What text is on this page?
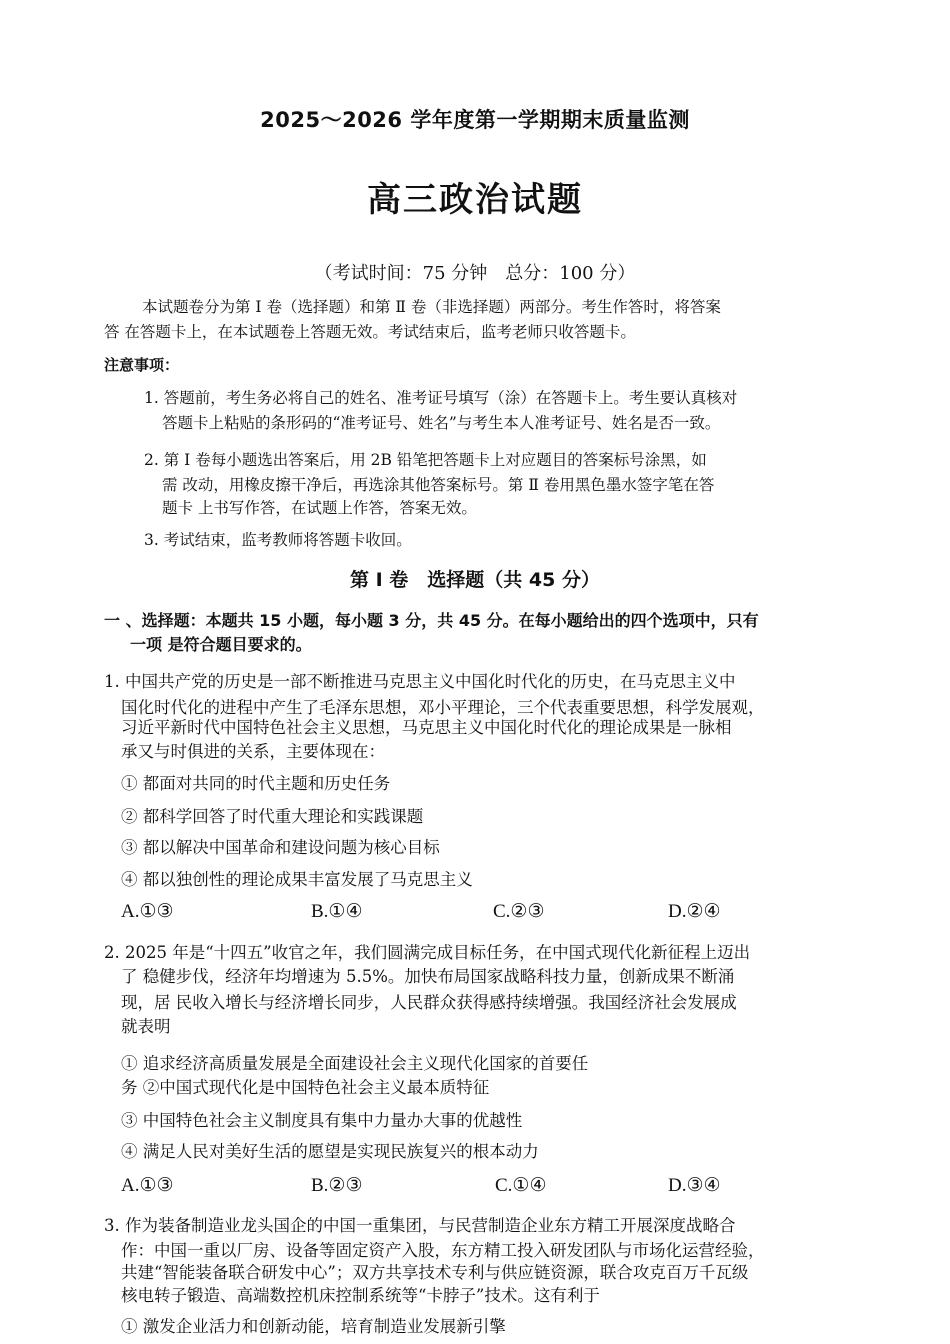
2025～2026 学年度第一学期期末质量监测
高三政治试题
（考试时间：75 分钟　总分：100 分）
本试题卷分为第 Ⅰ 卷（选择题）和第 Ⅱ 卷（非选择题）两部分。考生作答时，将答案
答 在答题卡上，在本试题卷上答题无效。考试结束后，监考老师只收答题卡。
注意事项：
1. 答题前，考生务必将自己的姓名、准考证号填写（涂）在答题卡上。考生要认真核对
答题卡上粘贴的条形码的“准考证号、姓名”与考生本人准考证号、姓名是否一致。
2. 第 Ⅰ 卷每小题选出答案后，用 2B 铅笔把答题卡上对应题目的答案标号涂黑，如
需 改动，用橡皮擦干净后，再选涂其他答案标号。第 Ⅱ 卷用黑色墨水签字笔在答
题卡 上书写作答，在试题上作答，答案无效。
3. 考试结束，监考教师将答题卡收回。
第 Ⅰ 卷　选择题（共 45 分）
一 、选择题：本题共 15 小题，每小题 3 分，共 45 分。在每小题给出的四个选项中，只有
一项 是符合题目要求的。
1. 中国共产党的历史是一部不断推进马克思主义中国化时代化的历史，在马克思主义中
国化时代化的进程中产生了毛泽东思想，邓小平理论，三个代表重要思想，科学发展观，
习近平新时代中国特色社会主义思想，马克思主义中国化时代化的理论成果是一脉相
承又与时俱进的关系，主要体现在：
① 都面对共同的时代主题和历史任务
② 都科学回答了时代重大理论和实践课题
③ 都以解决中国革命和建设问题为核心目标
④ 都以独创性的理论成果丰富发展了马克思主义
A.①③	B.①④	C.②③	D.②④
2. 2025 年是“十四五”收官之年，我们圆满完成目标任务，在中国式现代化新征程上迈出
了 稳健步伐，经济年均增速为 5.5%。加快布局国家战略科技力量，创新成果不断涌
现，居 民收入增长与经济增长同步，人民群众获得感持续增强。我国经济社会发展成
就表明
① 追求经济高质量发展是全面建设社会主义现代化国家的首要任
务 ②中国式现代化是中国特色社会主义最本质特征
③ 中国特色社会主义制度具有集中力量办大事的优越性
④ 满足人民对美好生活的愿望是实现民族复兴的根本动力
A.①③	B.②③	C.①④	D.③④
3. 作为装备制造业龙头国企的中国一重集团，与民营制造企业东方精工开展深度战略合
作：中国一重以厂房、设备等固定资产入股，东方精工投入研发团队与市场化运营经验，
共建“智能装备联合研发中心”；双方共享技术专利与供应链资源，联合攻克百万千瓦级
核电转子锻造、高端数控机床控制系统等“卡脖子”技术。这有利于
① 激发企业活力和创新动能，培育制造业发展新引擎
